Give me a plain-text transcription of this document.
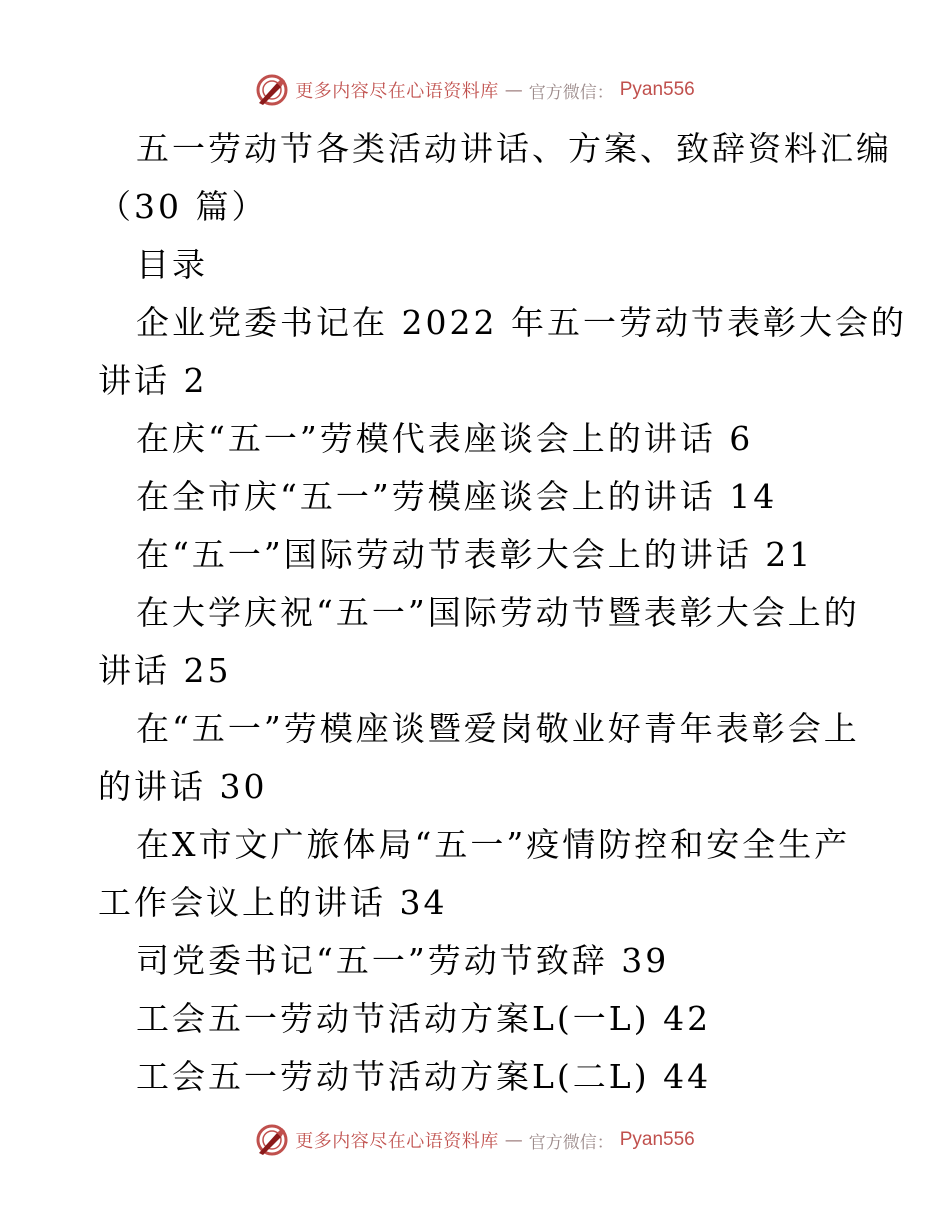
更多内容尽在心语资料库 — 官方微信： Pyan556
五一劳动节各类活动讲话、方案、致辞资料汇编
（30 篇）
目录
企业党委书记在 2022 年五一劳动节表彰大会的
讲话 2
在庆“五一”劳模代表座谈会上的讲话 6
在全市庆“五一”劳模座谈会上的讲话 14
在“五一”国际劳动节表彰大会上的讲话 21
在大学庆祝“五一”国际劳动节暨表彰大会上的
讲话 25
在“五一”劳模座谈暨爱岗敬业好青年表彰会上
的讲话 30
在X市文广旅体局“五一”疫情防控和安全生产
工作会议上的讲话 34
司党委书记“五一”劳动节致辞 39
工会五一劳动节活动方案L(一L) 42
工会五一劳动节活动方案L(二L) 44
更多内容尽在心语资料库 — 官方微信： Pyan556
